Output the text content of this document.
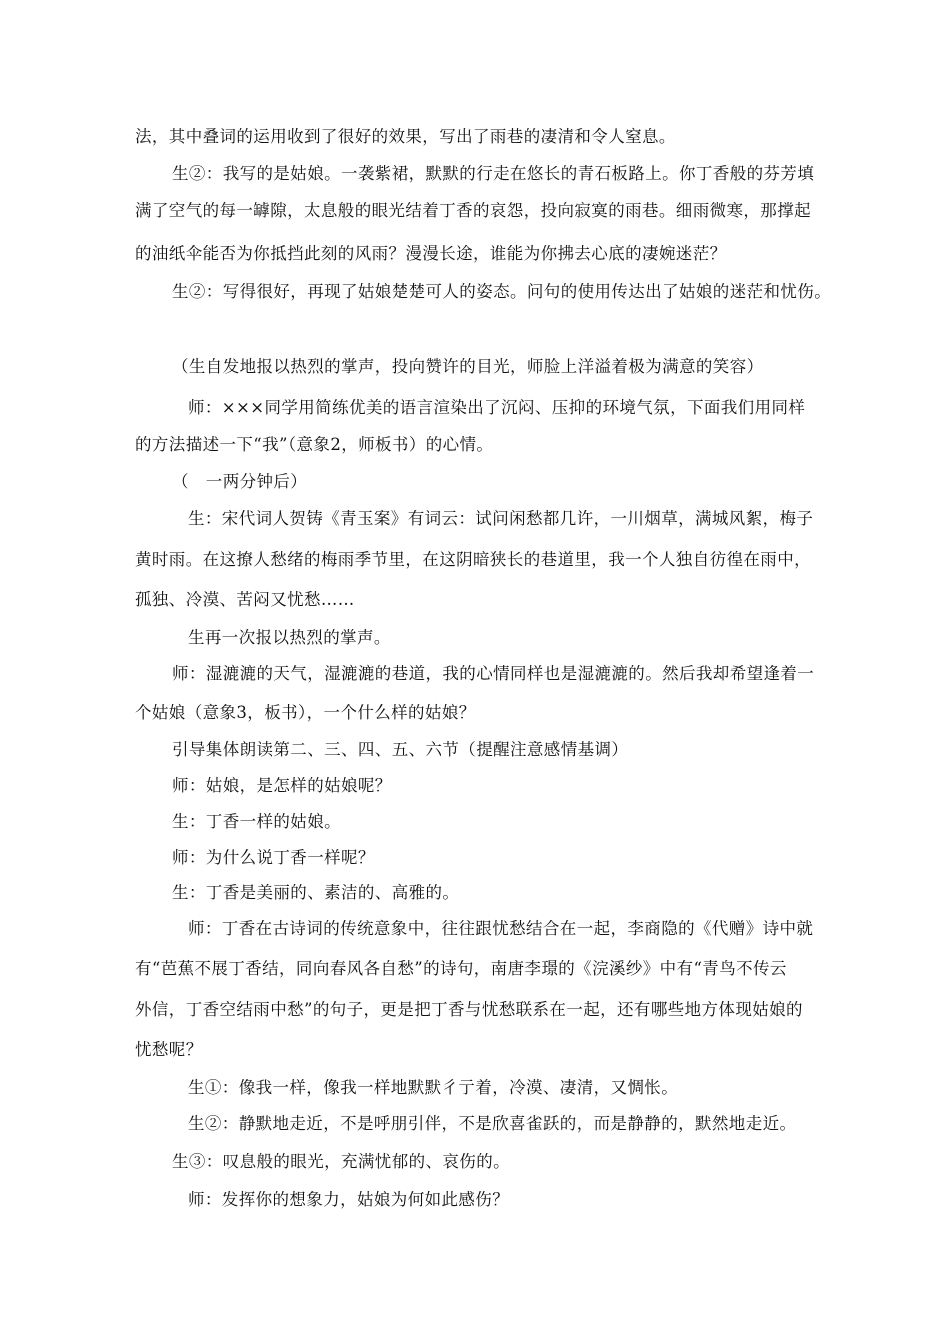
法，其中叠词的运用收到了很好的效果，写出了雨巷的凄清和令人窒息。
生②：我写的是姑娘。一袭紫裙，默默的行走在悠长的青石板路上。你丁香般的芬芳填
满了空气的每一罅隙，太息般的眼光结着丁香的哀怨，投向寂寞的雨巷。细雨微寒，那撑起
的油纸伞能否为你抵挡此刻的风雨？漫漫长途，谁能为你拂去心底的凄婉迷茫？
生②：写得很好，再现了姑娘楚楚可人的姿态。问句的使用传达出了姑娘的迷茫和忧伤。
（生自发地报以热烈的掌声，投向赞许的目光，师脸上洋溢着极为满意的笑容）
师：×××同学用简练优美的语言渲染出了沉闷、压抑的环境气氛，下面我们用同样
的方法描述一下“我”（意象2，师板书）的心情。
（　一两分钟后）
生：宋代词人贺铸《青玉案》有词云：试问闲愁都几许，一川烟草，满城风絮，梅子
黄时雨。在这撩人愁绪的梅雨季节里，在这阴暗狭长的巷道里，我一个人独自彷徨在雨中，
孤独、冷漠、苦闷又忧愁……
生再一次报以热烈的掌声。
师：湿漉漉的天气，湿漉漉的巷道，我的心情同样也是湿漉漉的。然后我却希望逢着一
个姑娘（意象3，板书），一个什么样的姑娘？
引导集体朗读第二、三、四、五、六节（提醒注意感情基调）
师：姑娘，是怎样的姑娘呢？
生：丁香一样的姑娘。
师：为什么说丁香一样呢？
生：丁香是美丽的、素洁的、高雅的。
师：丁香在古诗词的传统意象中，往往跟忧愁结合在一起，李商隐的《代赠》诗中就
有“芭蕉不展丁香结，同向春风各自愁”的诗句，南唐李璟的《浣溪纱》中有“青鸟不传云
外信，丁香空结雨中愁”的句子，更是把丁香与忧愁联系在一起，还有哪些地方体现姑娘的
忧愁呢？
生①：像我一样，像我一样地默默彳亍着，冷漠、凄清，又惆怅。
生②：静默地走近，不是呼朋引伴，不是欣喜雀跃的，而是静静的，默然地走近。
生③：叹息般的眼光，充满忧郁的、哀伤的。
师：发挥你的想象力，姑娘为何如此感伤？
